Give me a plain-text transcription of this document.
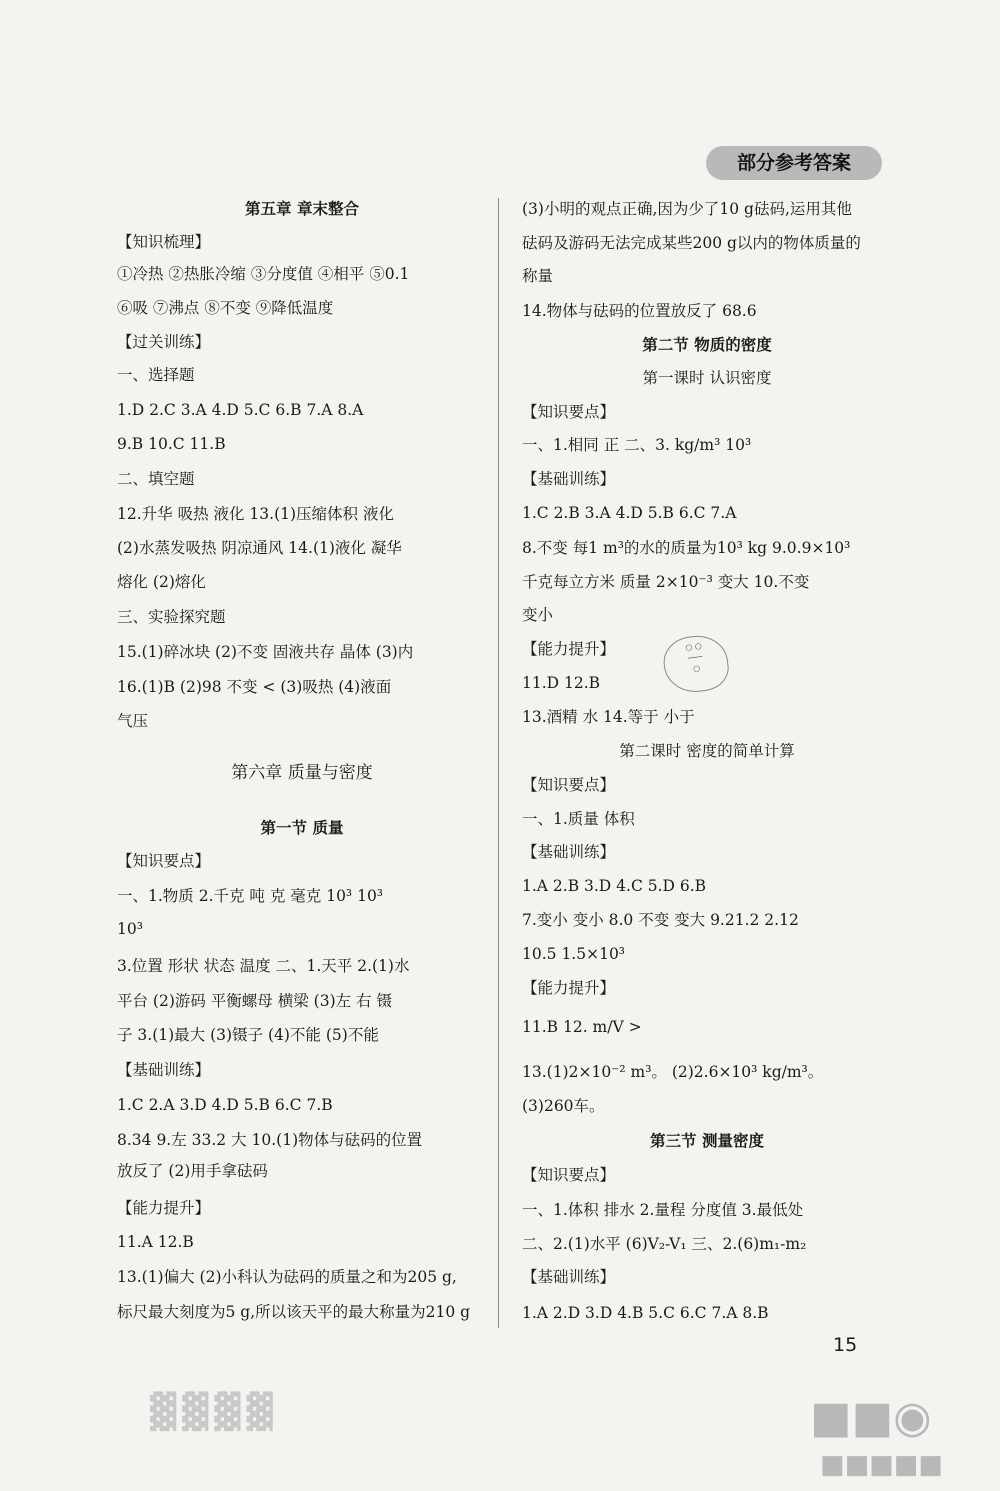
部分参考答案
第五章 章末整合
【知识梳理】
①冷热 ②热胀冷缩 ③分度值 ④相平 ⑤0.1
⑥吸 ⑦沸点 ⑧不变 ⑨降低温度
【过关训练】
一、选择题
1.D 2.C 3.A 4.D 5.C 6.B 7.A 8.A
9.B 10.C 11.B
二、填空题
12.升华 吸热 液化 13.(1)压缩体积 液化
(2)水蒸发吸热 阴凉通风 14.(1)液化 凝华
熔化 (2)熔化
三、实验探究题
15.(1)碎冰块 (2)不变 固液共存 晶体 (3)内
16.(1)B (2)98 不变 < (3)吸热 (4)液面
气压
第六章 质量与密度
第一节 质量
【知识要点】
一、1.物质 2.千克 吨 克 毫克 10³ 10³
10³
3.位置 形状 状态 温度 二、1.天平 2.(1)水
平台 (2)游码 平衡螺母 横梁 (3)左 右 镊
子 3.(1)最大 (3)镊子 (4)不能 (5)不能
【基础训练】
1.C 2.A 3.D 4.D 5.B 6.C 7.B
8.34 9.左 33.2 大 10.(1)物体与砝码的位置
放反了 (2)用手拿砝码
【能力提升】
11.A 12.B
13.(1)偏大 (2)小科认为砝码的质量之和为205 g,
标尺最大刻度为5 g,所以该天平的最大称量为210 g
(3)小明的观点正确,因为少了10 g砝码,运用其他
砝码及游码无法完成某些200 g以内的物体质量的
称量
14.物体与砝码的位置放反了 68.6
第二节 物质的密度
第一课时 认识密度
【知识要点】
一、1.相同 正 二、3. kg/m³ 10³
【基础训练】
1.C 2.B 3.A 4.D 5.B 6.C 7.A
8.不变 每1 m³的水的质量为10³ kg 9.0.9×10³
千克每立方米 质量 2×10⁻³ 变大 10.不变
变小
【能力提升】
11.D 12.B
13.酒精 水 14.等于 小于
第二课时 密度的简单计算
【知识要点】
一、1.质量 体积
【基础训练】
1.A 2.B 3.D 4.C 5.D 6.B
7.变小 变小 8.0 不变 变大 9.21.2 2.12
10.5 1.5×10³
【能力提升】
11.B 12. m/V >
13.(1)2×10⁻² m³。 (2)2.6×10³ kg/m³。
(3)260车。
第三节 测量密度
【知识要点】
一、1.体积 排水 2.量程 分度值 3.最低处
二、2.(1)水平 (6)V₂-V₁ 三、2.(6)m₁-m₂
【基础训练】
1.A 2.D 3.D 4.B 5.C 6.C 7.A 8.B
○ ○
───
○
15
▓▓▓▓	■■◉
■■■■■
